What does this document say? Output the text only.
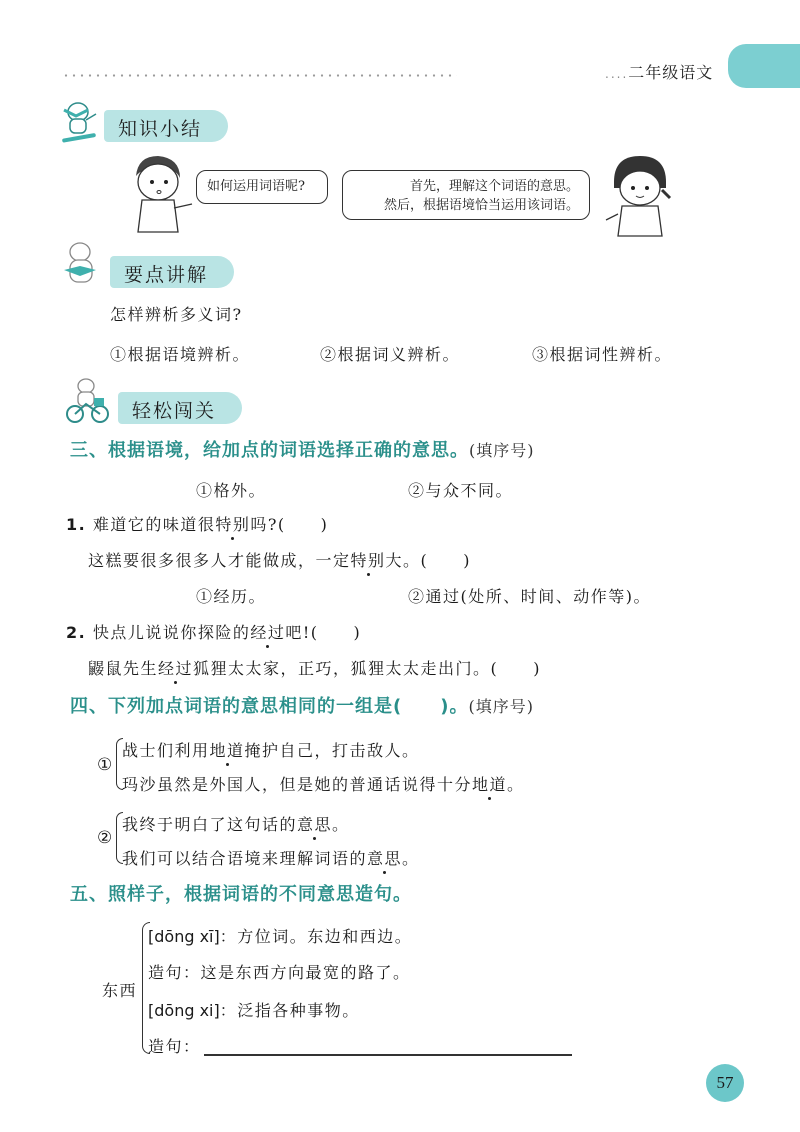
....二年级语文
知识小结
如何运用词语呢?	首先，理解这个词语的意思。
然后，根据语境恰当运用该词语。
要点讲解
怎样辨析多义词?
①根据语境辨析。	②根据词义辨析。	③根据词性辨析。
轻松闯关
三、根据语境，给加点的词语选择正确的意思。(填序号)
①格外。	②与众不同。
1. 难道它的味道很特别吗?(　　)
这糕要很多很多人才能做成，一定特别大。(　　)
①经历。	②通过(处所、时间、动作等)。
2. 快点儿说说你探险的经过吧!(　　)
鼹鼠先生经过狐狸太太家，正巧，狐狸太太走出门。(　　)
四、下列加点词语的意思相同的一组是(　　)。(填序号)
①
战士们利用地道掩护自己，打击敌人。
玛沙虽然是外国人，但是她的普通话说得十分地道。
②
我终于明白了这句话的意思。
我们可以结合语境来理解词语的意思。
五、照样子，根据词语的不同意思造句。
东西
[dōng xī]：方位词。东边和西边。
造句：这是东西方向最宽的路了。
[dōng xi]：泛指各种事物。
造句：
57
